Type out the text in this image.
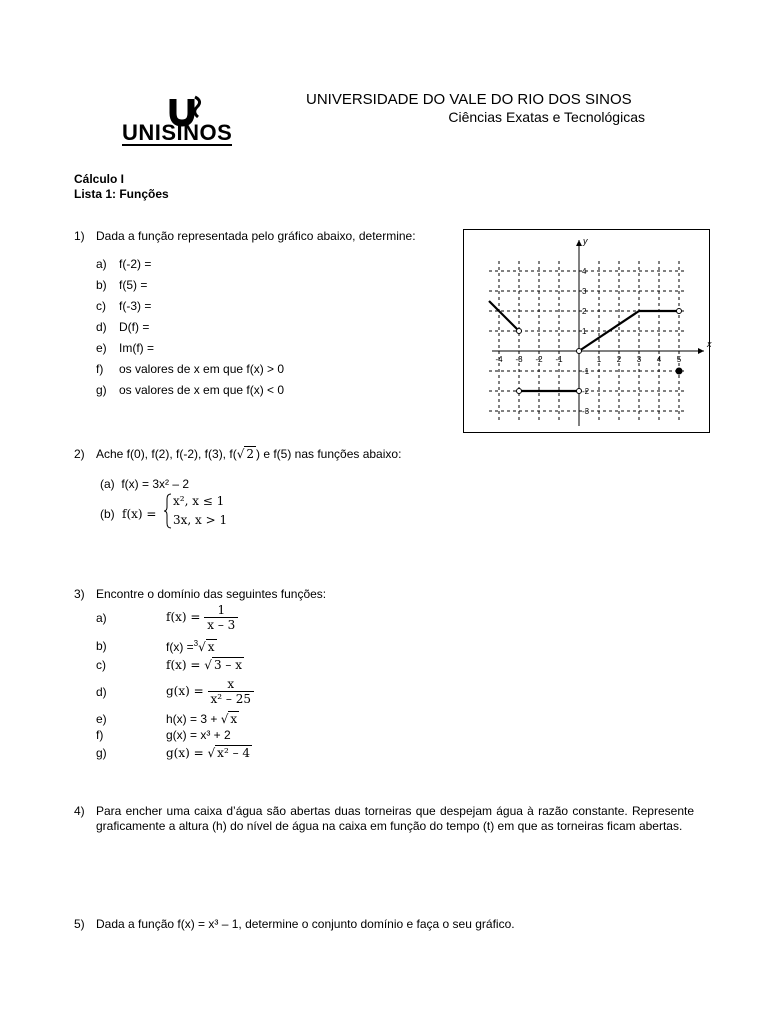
UNISINOS
UNIVERSIDADE DO VALE DO RIO DOS SINOS
Ciências Exatas e Tecnológicas
Cálculo I
Lista 1: Funções
1) Dada a função representada pelo gráfico abaixo, determine:
a) f(-2) =
b) f(5) =
c) f(-3) =
d) D(f) =
e) Im(f) =
f) os valores de x em que f(x) > 0
g) os valores de x em que f(x) < 0
x
y
-4 -3 -2 -1	1 2 3 4 5
4
3
2
1
-1
-2
-3
2) Ache f(0), f(2), f(-2), f(3), f(√ 2 ) e f(5) nas funções abaixo:
(a) f(x) = 3x² – 2
(b) f(x) =
x², x ≤ 1
3x, x > 1
3) Encontre o domínio das seguintes funções:
a)	$f(x) = \frac{1}{x - 3}$
b)	f(x) =$^3$√ x
c)	f(x) = √ 3 – x
d)	$g(x) = \frac{x}{\text{x² – 25}}$
e)	h(x) = 3 + √ x
f)	g(x) = x³ + 2
g)	g(x) = √ x² – 4
4) Para encher uma caixa d’água são abertas duas torneiras que despejam água à razão constante. Represente graficamente a altura (h) do nível de água na caixa em função do tempo (t) em que as torneiras ficam abertas.
5) Dada a função f(x) = x³ – 1, determine o conjunto domínio e faça o seu gráfico.
